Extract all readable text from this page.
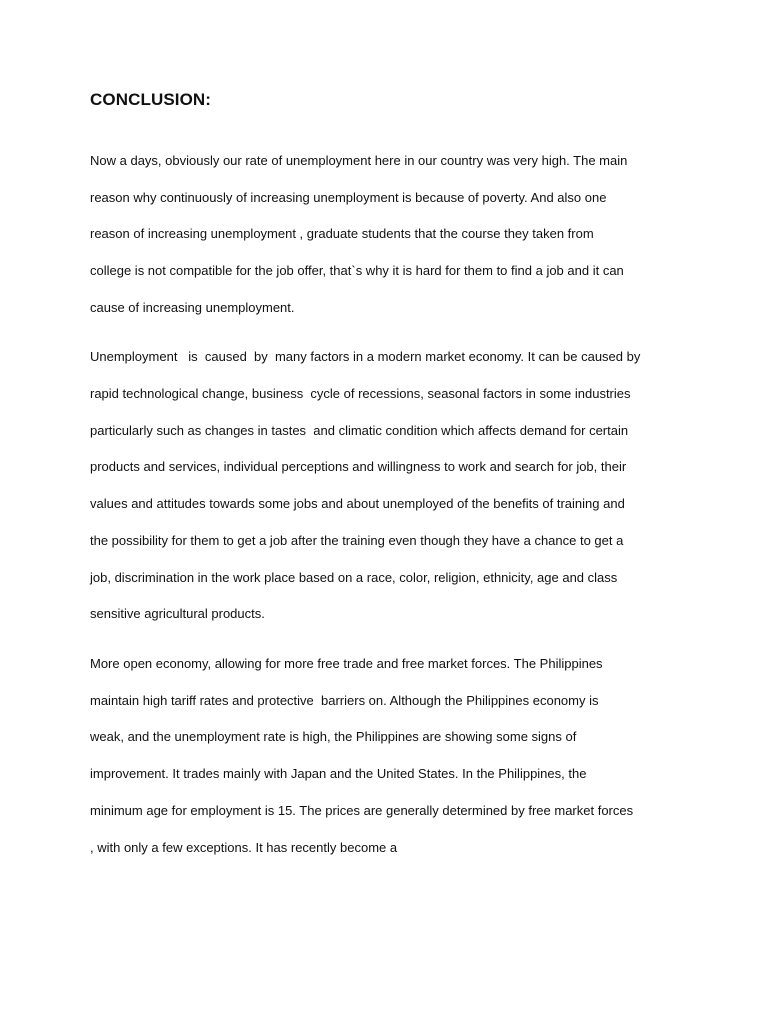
CONCLUSION:

Now a days, obviously our rate of unemployment here in our country was very high. The main

reason why continuously of increasing unemployment is because of poverty. And also one

reason of increasing unemployment , graduate students that the course they taken from

college is not compatible for the job offer, that`s why it is hard for them to find a job and it can

cause of increasing unemployment.

Unemployment   is  caused  by  many factors in a modern market economy. It can be caused by

rapid technological change, business  cycle of recessions, seasonal factors in some industries

particularly such as changes in tastes  and climatic condition which affects demand for certain

products and services, individual perceptions and willingness to work and search for job, their

values and attitudes towards some jobs and about unemployed of the benefits of training and

the possibility for them to get a job after the training even though they have a chance to get a

job, discrimination in the work place based on a race, color, religion, ethnicity, age and class

sensitive agricultural products.

More open economy, allowing for more free trade and free market forces. The Philippines

maintain high tariff rates and protective  barriers on. Although the Philippines economy is

weak, and the unemployment rate is high, the Philippines are showing some signs of

improvement. It trades mainly with Japan and the United States. In the Philippines, the

minimum age for employment is 15. The prices are generally determined by free market forces

, with only a few exceptions. It has recently become a
